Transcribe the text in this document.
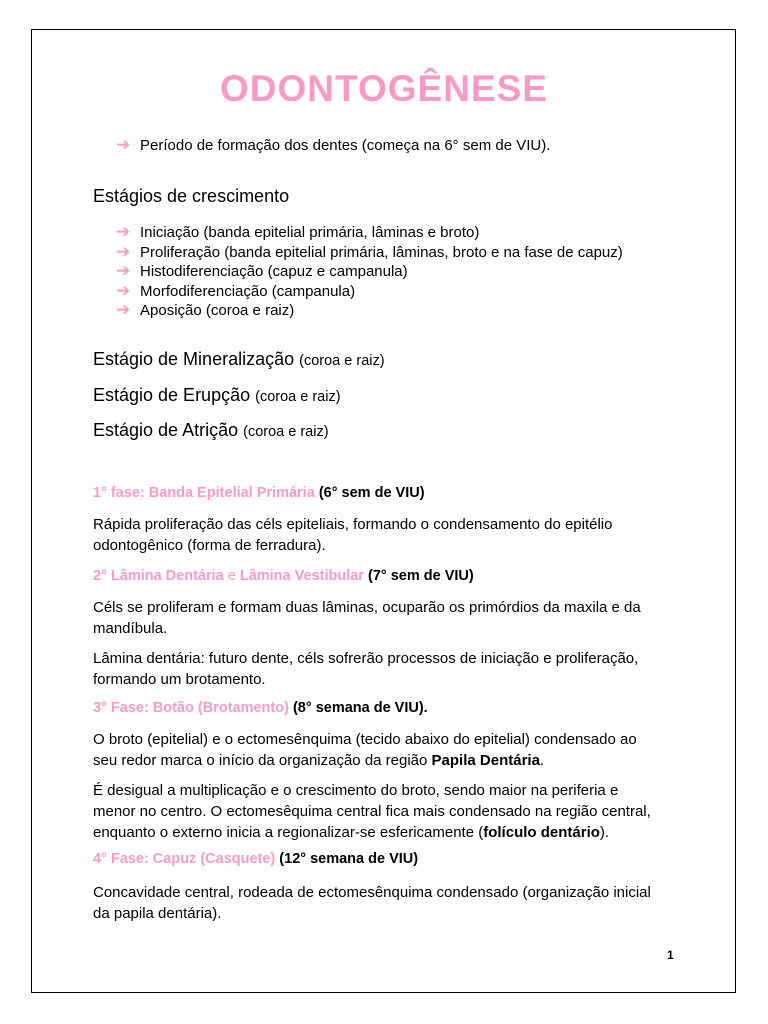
ODONTOGÊNESE
➔ Período de formação dos dentes (começa na 6° sem de VIU).
Estágios de crescimento
➔ Iniciação (banda epitelial primária, lâminas e broto)
➔ Proliferação (banda epitelial primária, lâminas, broto e na fase de capuz)
➔ Histodiferenciação (capuz e campanula)
➔ Morfodiferenciação (campanula)
➔ Aposição (coroa e raiz)
Estágio de Mineralização (coroa e raiz)
Estágio de Erupção (coroa e raiz)
Estágio de Atrição (coroa e raiz)
1° fase: Banda Epitelial Primária (6° sem de VIU)
Rápida proliferação das céls epiteliais, formando o condensamento do epitélio
odontogênico (forma de ferradura).
2° Lâmina Dentária e Lâmina Vestibular (7° sem de VIU)
Céls se proliferam e formam duas lâminas, ocuparão os primórdios da maxila e da
mandíbula.
Lâmina dentária: futuro dente, céls sofrerão processos de iniciação e proliferação,
formando um brotamento.
3° Fase: Botão (Brotamento) (8° semana de VIU).
O broto (epitelial) e o ectomesênquima (tecido abaixo do epitelial) condensado ao
seu redor marca o início da organização da região Papila Dentária.
É desigual a multiplicação e o crescimento do broto, sendo maior na periferia e
menor no centro. O ectomesêquima central fica mais condensado na região central,
enquanto o externo inicia a regionalizar-se esfericamente (folículo dentário).
4° Fase: Capuz (Casquete) (12° semana de VIU)
Concavidade central, rodeada de ectomesênquima condensado (organização inicial
da papila dentária).
1
